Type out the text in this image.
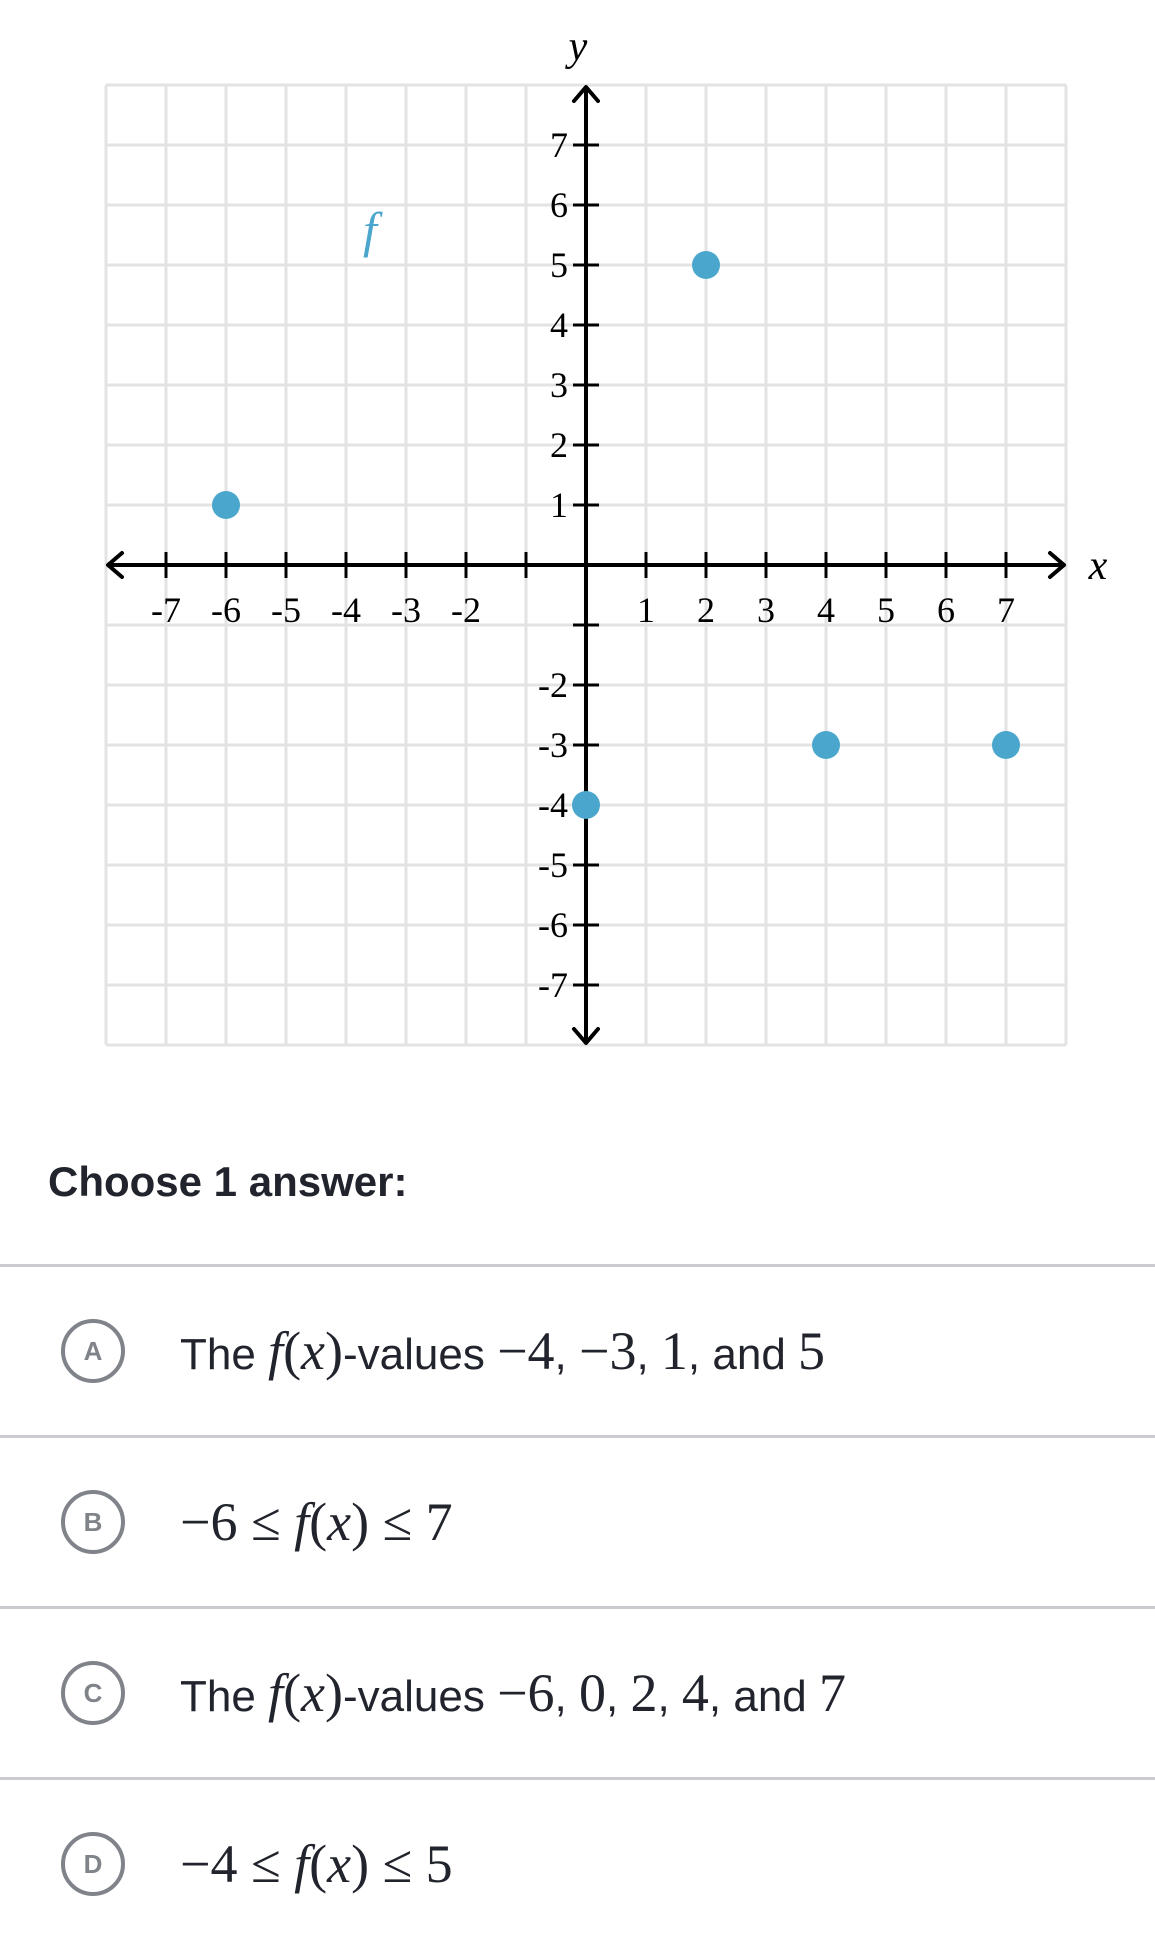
-7 -6 -5 -4 -3 -2	1 2 3 4 5 6 7
7
6
5
4
3
2
1
-2
-3
-4
-5
-6
-7
x
y
f
Choose 1 answer:
A	The f ( x ) -values −4 , −3 , 1 , and 5
B	−6 ≤ f ( x ) ≤ 7
C	The f ( x ) -values −6 , 0 , 2 , 4 , and 7
D	−4 ≤ f ( x ) ≤ 5
